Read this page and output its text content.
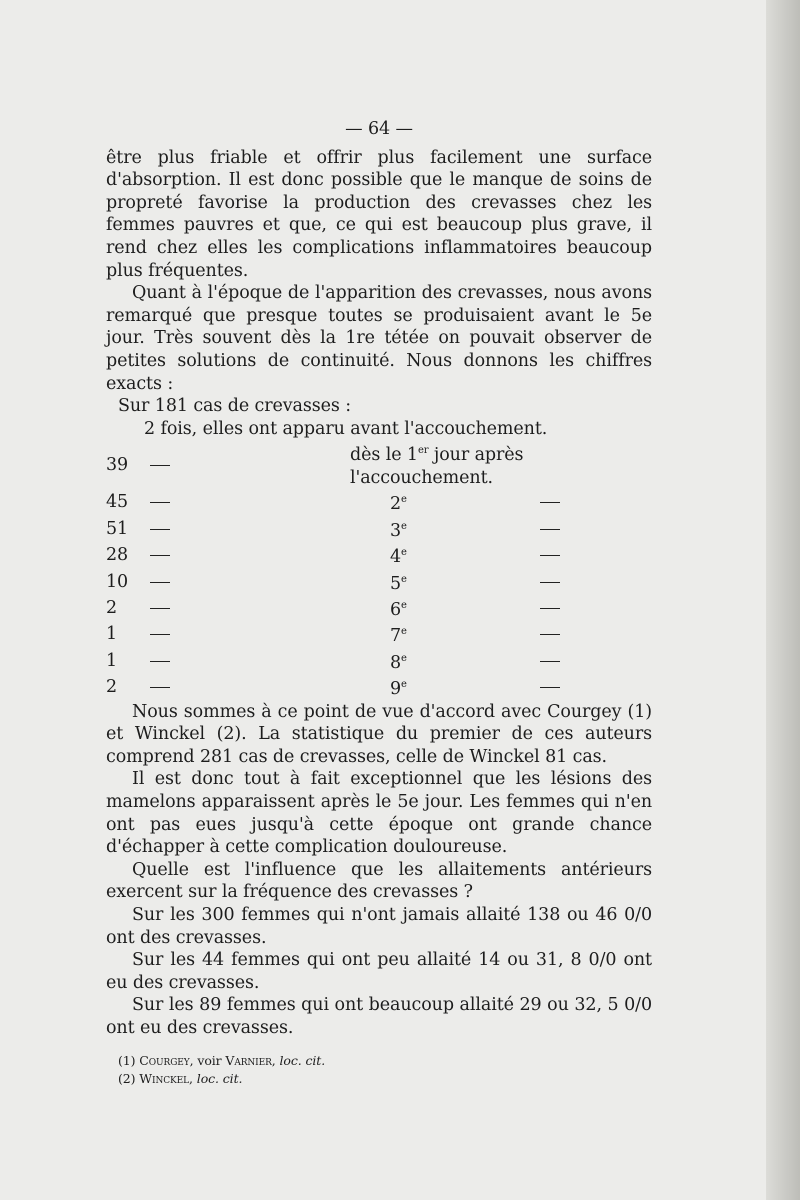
— 64 —

être plus friable et offrir plus facilement une surface d'absorption. Il est donc possible que le manque de soins de propreté favorise la production des crevasses chez les femmes pauvres et que, ce qui est beaucoup plus grave, il rend chez elles les complications inflammatoires beaucoup plus fréquentes.

Quant à l'époque de l'apparition des crevasses, nous avons remarqué que presque toutes se produisaient avant le 5e jour. Très souvent dès la 1re tétée on pouvait observer de petites solutions de continuité. Nous donnons les chiffres exacts :

Sur 181 cas de crevasses :

2 fois, elles ont apparu avant l'accouchement.

39		dès le 1er jour après l'accouchement.	
45		2e	
51		3e	
28		4e	
10		5e	
2		6e	
1		7e	
1		8e	
2		9e	

Nous sommes à ce point de vue d'accord avec Courgey (1) et Winckel (2). La statistique du premier de ces auteurs comprend 281 cas de crevasses, celle de Winckel 81 cas.

Il est donc tout à fait exceptionnel que les lésions des mamelons apparaissent après le 5e jour. Les femmes qui n'en ont pas eues jusqu'à cette époque ont grande chance d'échapper à cette complication douloureuse.

Quelle est l'influence que les allaitements antérieurs exercent sur la fréquence des crevasses ?

Sur les 300 femmes qui n'ont jamais allaité 138 ou 46 0/0 ont des crevasses.

Sur les 44 femmes qui ont peu allaité 14 ou 31, 8 0/0 ont eu des crevasses.

Sur les 89 femmes qui ont beaucoup allaité 29 ou 32, 5 0/0 ont eu des crevasses.

(1) Courgey, voir Varnier, loc. cit.
(2) Winckel, loc. cit.
